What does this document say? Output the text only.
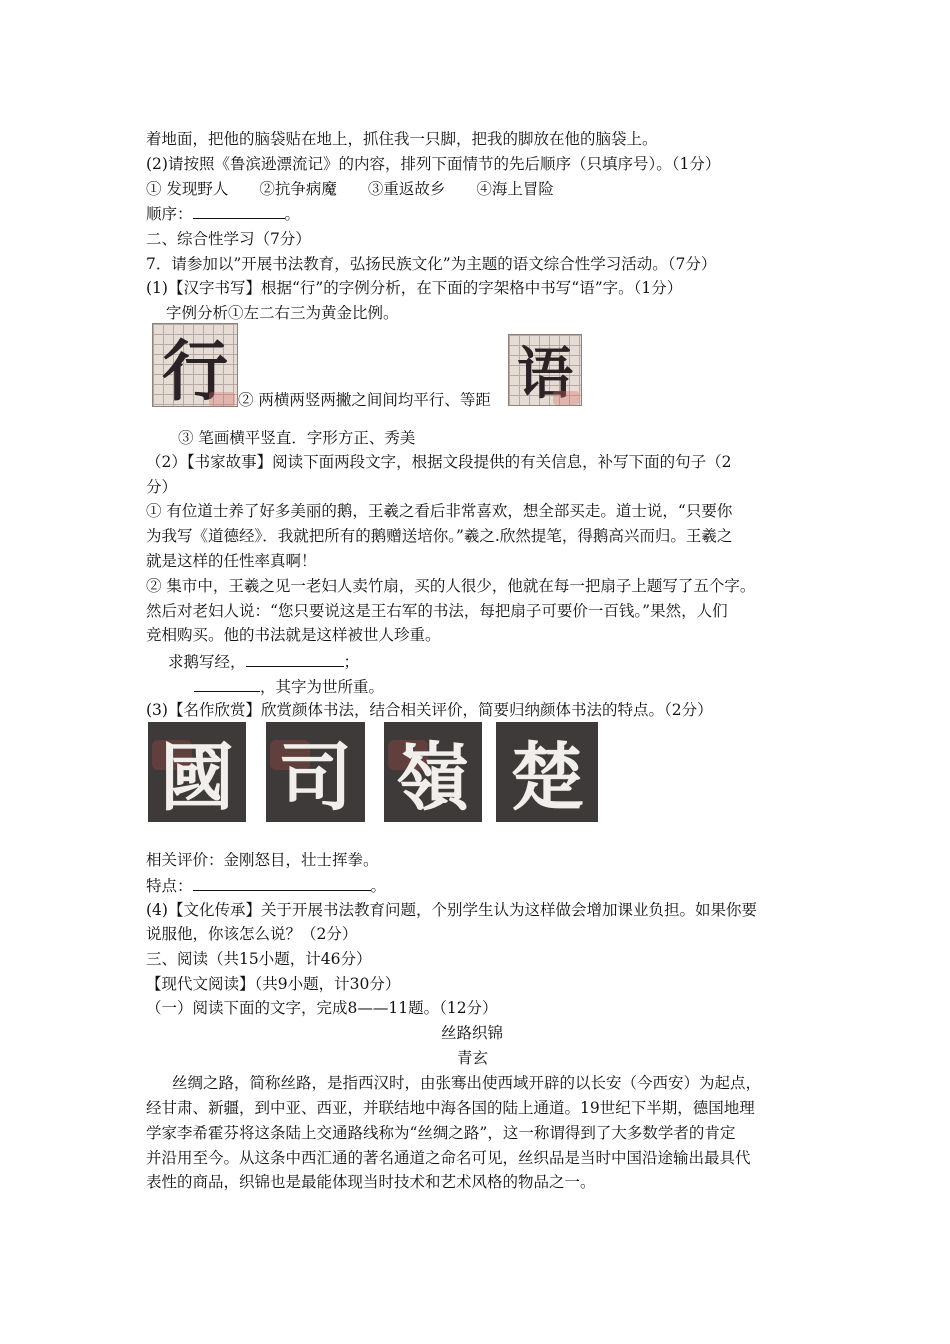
着地面，把他的脑袋贴在地上，抓住我一只脚，把我的脚放在他的脑袋上。
(2)请按照《鲁滨逊漂流记》的内容，排列下面情节的先后顺序（只填序号）。（1分）
① 发现野人　　②抗争病魔　　③重返故乡　　④海上冒险
顺序：	。
二、综合性学习（7分）
7．请参加以”开展书法教育，弘扬民族文化”为主题的语文综合性学习活动。（7分）
(1)【汉字书写】根据“行”的字例分析，在下面的字架格中书写“语”字。（1分）
字例分析①左二右三为黄金比例。
行 ② 两横两竖两撇之间间均平行、等距 语
③ 笔画横平竖直．字形方正、秀美
（2）【书家故事】阅读下面两段文字，根据文段提供的有关信息，补写下面的句子（2
分）
① 有位道士养了好多美丽的鹅，王羲之看后非常喜欢，想全部买走。道士说，“只要你
为我写《道德经》．我就把所有的鹅赠送培你。”羲之.欣然提笔，得鹅高兴而归。王羲之
就是这样的任性率真啊！
② 集市中，王羲之见一老妇人卖竹扇，买的人很少，他就在每一把扇子上题写了五个字。
然后对老妇人说：“您只要说这是王右军的书法，每把扇子可要价一百钱。”果然，人们
竞相购买。他的书法就是这样被世人珍重。
求鹅写经，	；
，其字为世所重。
(3)【名作欣赏】欣赏颜体书法，结合相关评价，简要归纳颜体书法的特点。（2分）
國 司 嶺 楚
相关评价：金刚怒目，壮士挥拳。
特点：	。
(4)【文化传承】关于开展书法教育问题，个别学生认为这样做会增加课业负担。如果你要
说服他，你该怎么说？（2分）
三、阅读（共15小题，计46分）
【现代文阅读】（共9小题，计30分）
（一）阅读下面的文字，完成8——11题。（12分）
丝路织锦
青玄
丝绸之路，简称丝路，是指西汉时，由张骞出使西域开辟的以长安（今西安）为起点，
经甘肃、新疆，到中亚、西亚，并联结地中海各国的陆上通道。19世纪下半期，德国地理
学家李希霍芬将这条陆上交通路线称为“丝绸之路”，这一称谓得到了大多数学者的肯定
并沿用至今。从这条中西汇通的著名通道之命名可见，丝织品是当时中国沿途输出最具代
表性的商品，织锦也是最能体现当时技术和艺术风格的物品之一。
